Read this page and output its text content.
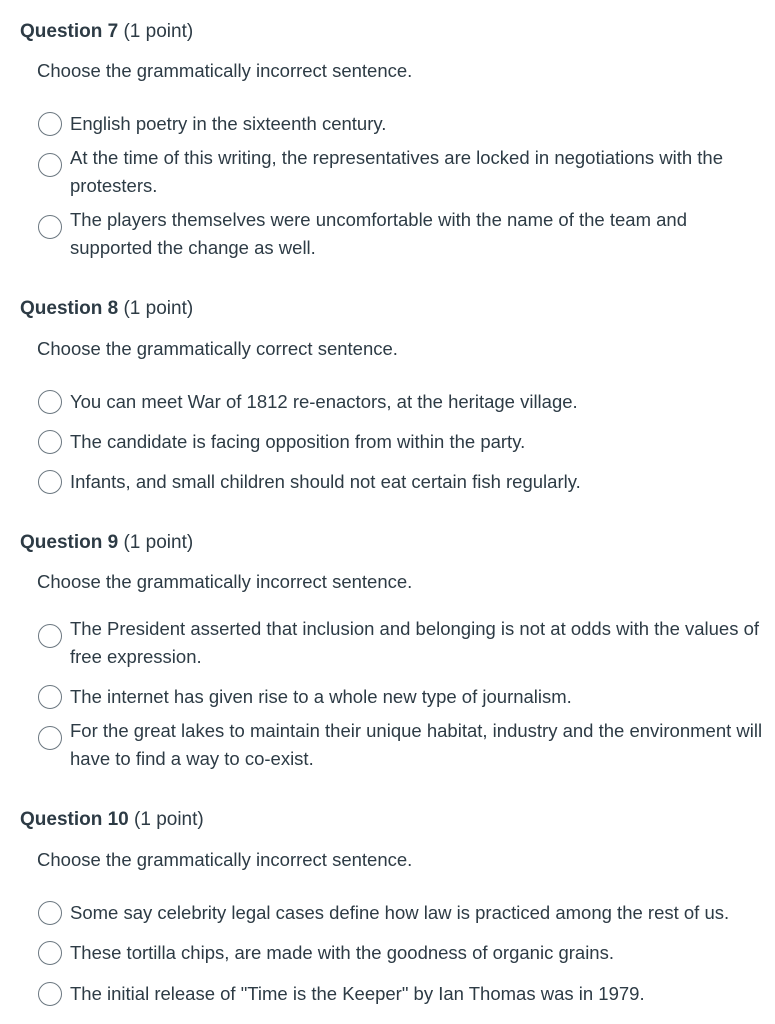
Question 7 (1 point)
Choose the grammatically incorrect sentence.
English poetry in the sixteenth century.
At the time of this writing, the representatives are locked in negotiations with the protesters.
The players themselves were uncomfortable with the name of the team and supported the change as well.
Question 8 (1 point)
Choose the grammatically correct sentence.
You can meet War of 1812 re-enactors, at the heritage village.
The candidate is facing opposition from within the party.
Infants, and small children should not eat certain fish regularly.
Question 9 (1 point)
Choose the grammatically incorrect sentence.
The President asserted that inclusion and belonging is not at odds with the values of free expression.
The internet has given rise to a whole new type of journalism.
For the great lakes to maintain their unique habitat, industry and the environment will have to find a way to co-exist.
Question 10 (1 point)
Choose the grammatically incorrect sentence.
Some say celebrity legal cases define how law is practiced among the rest of us.
These tortilla chips, are made with the goodness of organic grains.
The initial release of "Time is the Keeper" by Ian Thomas was in 1979.
